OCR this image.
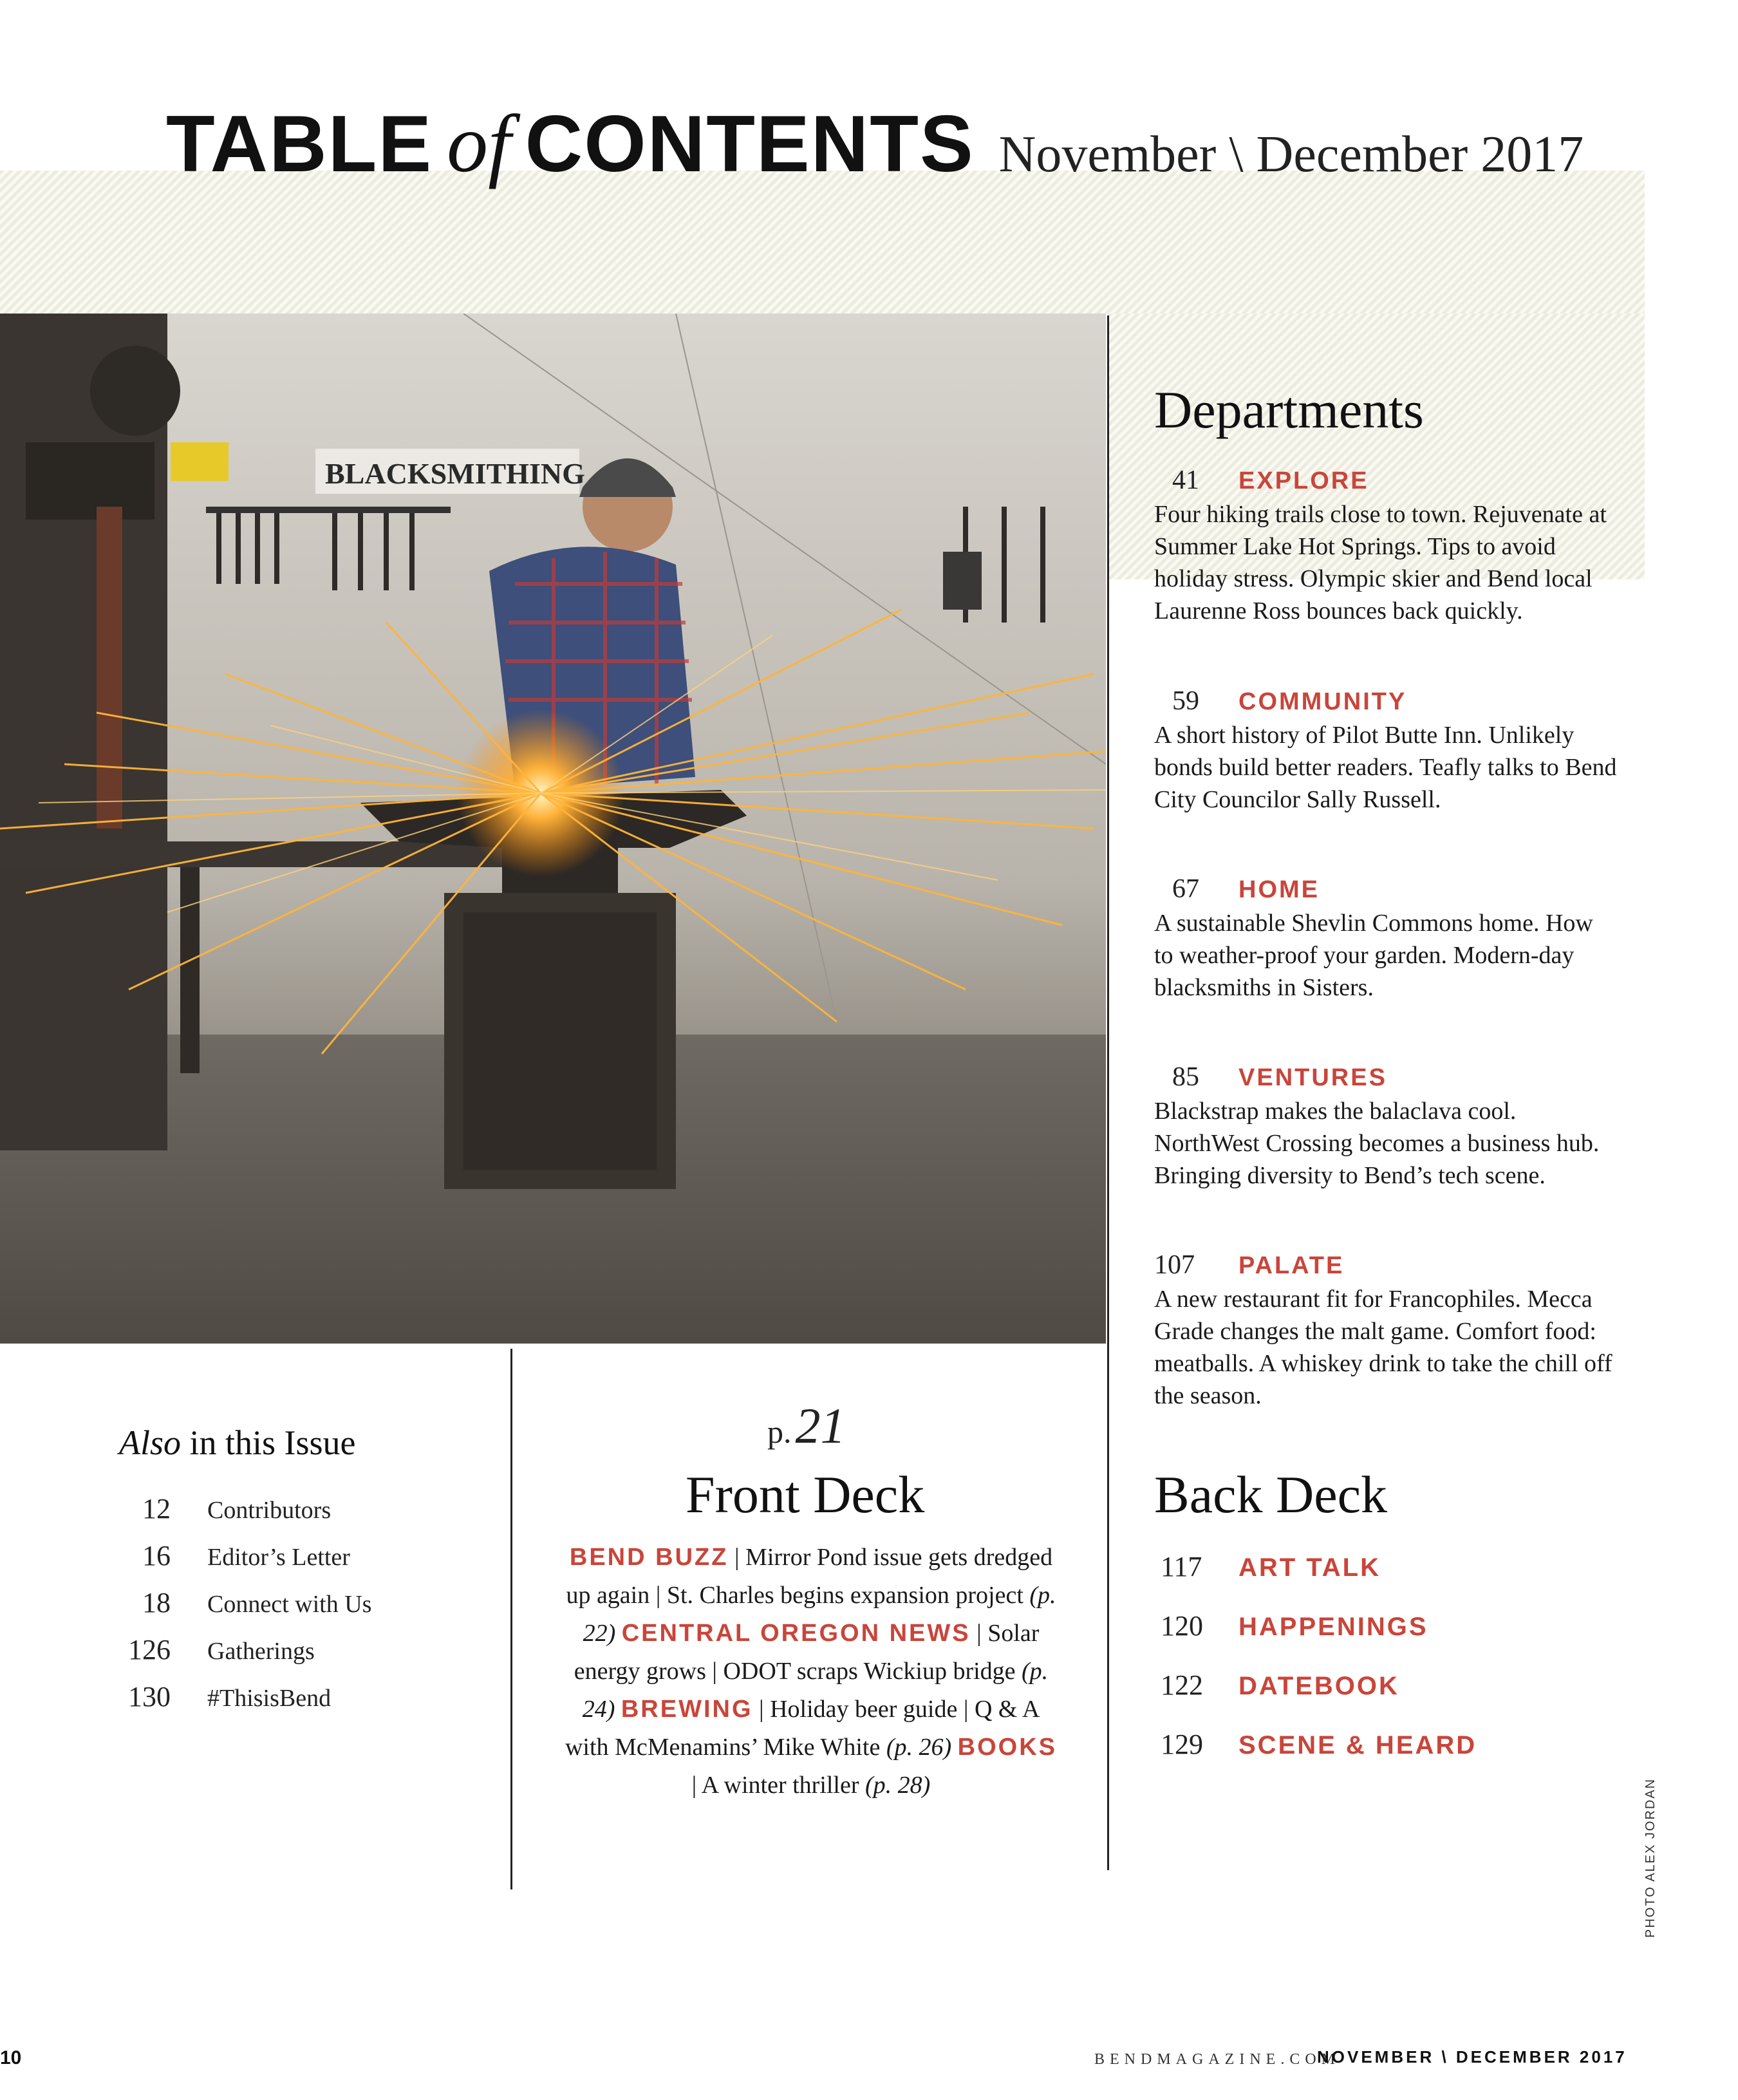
TABLE of CONTENTS November \ December 2017
BLACKSMITHING
Departments
41	EXPLORE
Four hiking trails close to town. Rejuvenate at Summer Lake Hot Springs. Tips to avoid holiday stress. Olympic skier and Bend local Laurenne Ross bounces back quickly.
59	COMMUNITY
A short history of Pilot Butte Inn. Unlikely bonds build better readers. Teafly talks to Bend City Councilor Sally Russell.
67	HOME
A sustainable Shevlin Commons home. How to weather-proof your garden. Modern-day blacksmiths in Sisters.
85	VENTURES
Blackstrap makes the balaclava cool. NorthWest Crossing becomes a business hub. Bringing diversity to Bend’s tech scene.
107	PALATE
A new restaurant fit for Francophiles. Mecca Grade changes the malt game. Comfort food: meatballs. A whiskey drink to take the chill off the season.
Back Deck
117	ART TALK
120	HAPPENINGS
122	DATEBOOK
129	SCENE & HEARD
Also in this Issue
12 Contributors
16 Editor’s Letter
18 Connect with Us
126 Gatherings
130 #ThisisBend
p.21
Front Deck
BEND BUZZ | Mirror Pond issue gets dredged up again | St. Charles begins expansion project (p. 22) CENTRAL OREGON NEWS | Solar energy grows | ODOT scraps Wickiup bridge (p. 24) BREWING | Holiday beer guide | Q & A with McMenamins’ Mike White (p. 26) BOOKS | A winter thriller (p. 28)
10	BENDMAGAZINE.COM
NOVEMBER \ DECEMBER 2017
PHOTO ALEX JORDAN
